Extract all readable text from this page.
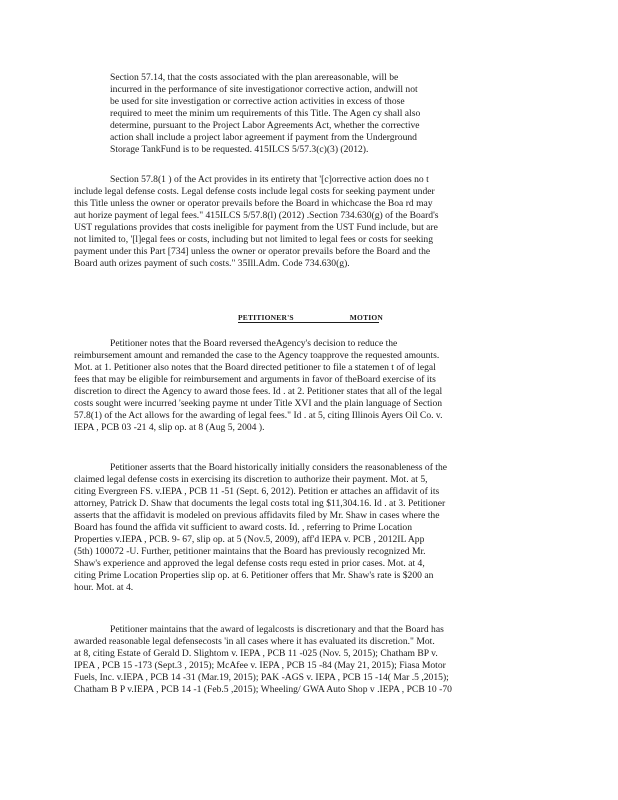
Section 57.14, that the costs associated with the plan arereasonable, will be
incurred in the performance of site investigationor corrective action, andwill not
be used for site investigation or corrective action activities in excess of those
required to meet the minim um requirements of this Title. The Agen cy shall also
determine, pursuant to the Project Labor Agreements Act, whether the corrective
action shall include a project labor agreement if payment from the Underground
Storage TankFund is to be requested. 415ILCS 5/57.3(c)(3) (2012).
Section 57.8(1 ) of the Act provides in its entirety that '[c]orrective action does no t
include legal defense costs. Legal defense costs include legal costs for seeking payment under
this Title unless the owner or operator prevails before the Board in whichcase the Boa rd may
aut horize payment of legal fees." 415ILCS 5/57.8(l) (2012) .Section 734.630(g) of the Board's
UST regulations provides that costs ineligible for payment from the UST Fund include, but are
not limited to, '[l]egal fees or costs, including but not limited to legal fees or costs for seeking
payment under this Part [734] unless the owner or operator prevails before the Board and the
Board auth orizes payment of such costs." 35Ill.Adm. Code 734.630(g).
PETITIONER'S	MOTION
Petitioner notes that the Board reversed theAgency's decision to reduce the
reimbursement amount and remanded the case to the Agency toapprove the requested amounts.
Mot. at 1. Petitioner also notes that the Board directed petitioner to file a statemen t of of legal
fees that may be eligible for reimbursement and arguments in favor of theBoard exercise of its
discretion to direct the Agency to award those fees. Id . at 2. Petitioner states that all of the legal
costs sought were incurred 'seeking payme nt under Title XVI and the plain language of Section
57.8(1) of the Act allows for the awarding of legal fees." Id . at 5, citing Illinois Ayers Oil Co. v.
IEPA , PCB 03 -21 4, slip op. at 8 (Aug 5, 2004 ).
Petitioner asserts that the Board historically initially considers the reasonableness of the
claimed legal defense costs in exercising its discretion to authorize their payment. Mot. at 5,
citing Evergreen FS. v.IEPA , PCB 11 -51 (Sept. 6, 2012). Petition er attaches an affidavit of its
attorney, Patrick D. Shaw that documents the legal costs total ing $11,304.16. Id . at 3. Petitioner
asserts that the affidavit is modeled on previous affidavits filed by Mr. Shaw in cases where the
Board has found the affida vit sufficient to award costs. Id. , referring to Prime Location
Properties v.IEPA , PCB. 9- 67, slip op. at 5 (Nov.5, 2009), aff'd IEPA v. PCB , 2012IL App
(5th) 100072 -U. Further, petitioner maintains that the Board has previously recognized Mr.
Shaw's experience and approved the legal defense costs requ ested in prior cases. Mot. at 4,
citing Prime Location Properties slip op. at 6. Petitioner offers that Mr. Shaw's rate is $200 an
hour. Mot. at 4.
Petitioner maintains that the award of legalcosts is discretionary and that the Board has
awarded reasonable legal defensecosts 'in all cases where it has evaluated its discretion." Mot.
at 8, citing Estate of Gerald D. Slightom v. IEPA , PCB 11 -025 (Nov. 5, 2015); Chatham BP v.
IPEA , PCB 15 -173 (Sept.3 , 2015); McAfee v. IEPA , PCB 15 -84 (May 21, 2015); Fiasa Motor
Fuels, Inc. v.IEPA , PCB 14 -31 (Mar.19, 2015); PAK -AGS v. IEPA , PCB 15 -14( Mar .5 ,2015);
Chatham B P v.IEPA , PCB 14 -1 (Feb.5 ,2015); Wheeling/ GWA Auto Shop v .IEPA , PCB 10 -70
